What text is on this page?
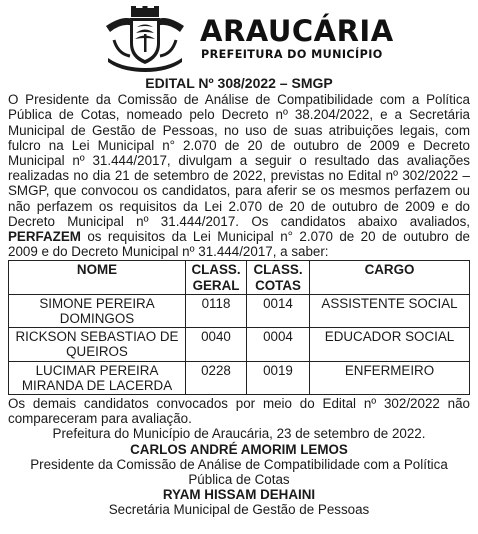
ARAUCÁRIA
PREFEITURA DO MUNICÍPIO
EDITAL Nº 308/2022 – SMGP
O Presidente da Comissão de Análise de Compatibilidade com a Política Pública de Cotas, nomeado pelo Decreto nº 38.204/2022, e a Secretária Municipal de Gestão de Pessoas, no uso de suas atribuições legais, com fulcro na Lei Municipal n° 2.070 de 20 de outubro de 2009 e Decreto Municipal nº 31.444/2017, divulgam a seguir o resultado das avaliações realizadas no dia 21 de setembro de 2022, previstas no Edital nº 302/2022 – SMGP, que convocou os candidatos, para aferir se os mesmos perfazem ou não perfazem os requisitos da Lei 2.070 de 20 de outubro de 2009 e do Decreto Municipal nº 31.444/2017. Os candidatos abaixo avaliados, PERFAZEM os requisitos da Lei Municipal n° 2.070 de 20 de outubro de 2009 e do Decreto Municipal nº 31.444/2017, a saber:
NOME	CLASS. GERAL	CLASS. COTAS	CARGO
SIMONE PEREIRA DOMINGOS	0118	0014	ASSISTENTE SOCIAL
RICKSON SEBASTIAO DE QUEIROS	0040	0004	EDUCADOR SOCIAL
LUCIMAR PEREIRA MIRANDA DE LACERDA	0228	0019	ENFERMEIRO
Os demais candidatos convocados por meio do Edital nº 302/2022 não compareceram para avaliação.
Prefeitura do Município de Araucária, 23 de setembro de 2022.
CARLOS ANDRÉ AMORIM LEMOS
Presidente da Comissão de Análise de Compatibilidade com a Política Pública de Cotas
RYAM HISSAM DEHAINI
Secretária Municipal de Gestão de Pessoas
